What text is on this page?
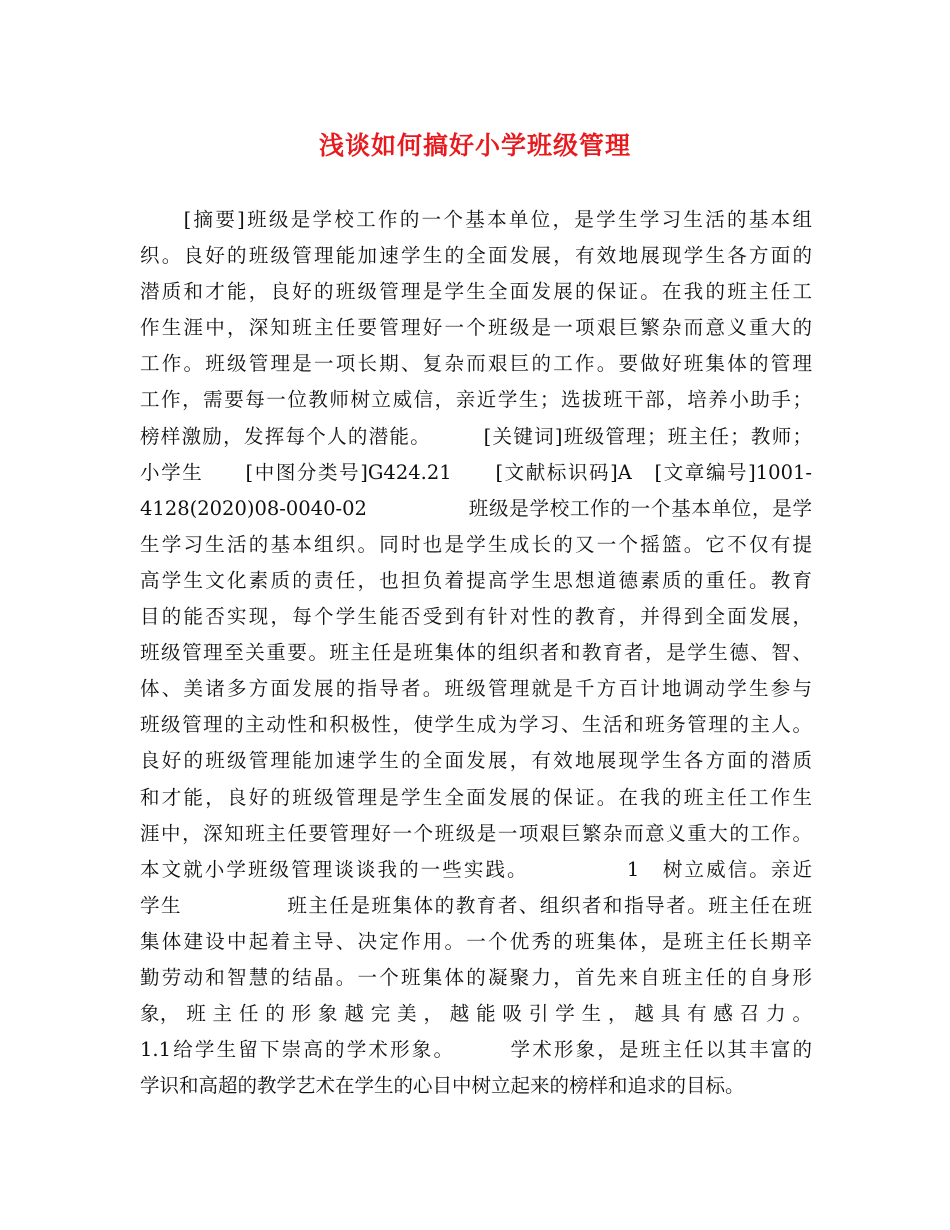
浅谈如何搞好小学班级管理
　　[摘要]班级是学校工作的一个基本单位，是学生学习生活的基本组
织。良好的班级管理能加速学生的全面发展，有效地展现学生各方面的
潜质和才能，良好的班级管理是学生全面发展的保证。在我的班主任工
作生涯中，深知班主任要管理好一个班级是一项艰巨繁杂而意义重大的
工作。班级管理是一项长期、复杂而艰巨的工作。要做好班集体的管理
工作，需要每一位教师树立威信，亲近学生；选拔班干部，培养小助手；
榜样激励，发挥每个人的潜能。　　　[关键词]班级管理；班主任；教师；
小学生　　[中图分类号]G424.21　　[文献标识码]A　[文章编号]1001-
4128(2020)08-0040-02　　　　　班级是学校工作的一个基本单位，是学
生学习生活的基本组织。同时也是学生成长的又一个摇篮。它不仅有提
高学生文化素质的责任，也担负着提高学生思想道德素质的重任。教育
目的能否实现，每个学生能否受到有针对性的教育，并得到全面发展，
班级管理至关重要。班主任是班集体的组织者和教育者，是学生德、智、
体、美诸多方面发展的指导者。班级管理就是千方百计地调动学生参与
班级管理的主动性和积极性，使学生成为学习、生活和班务管理的主人。
良好的班级管理能加速学生的全面发展，有效地展现学生各方面的潜质
和才能，良好的班级管理是学生全面发展的保证。在我的班主任工作生
涯中，深知班主任要管理好一个班级是一项艰巨繁杂而意义重大的工作。
本文就小学班级管理谈谈我的一些实践。　　　　　1　树立威信。亲近
学生　　　　　班主任是班集体的教育者、组织者和指导者。班主任在班
集体建设中起着主导、决定作用。一个优秀的班集体，是班主任长期辛
勤劳动和智慧的结晶。一个班集体的凝聚力，首先来自班主任的自身形
象， 班 主 任 的 形 象 越 完 美 ， 越 能 吸 引 学 生 ， 越 具 有 感 召 力 。
1.1给学生留下崇高的学术形象。　　　学术形象，是班主任以其丰富的
学识和高超的教学艺术在学生的心目中树立起来的榜样和追求的目标。
